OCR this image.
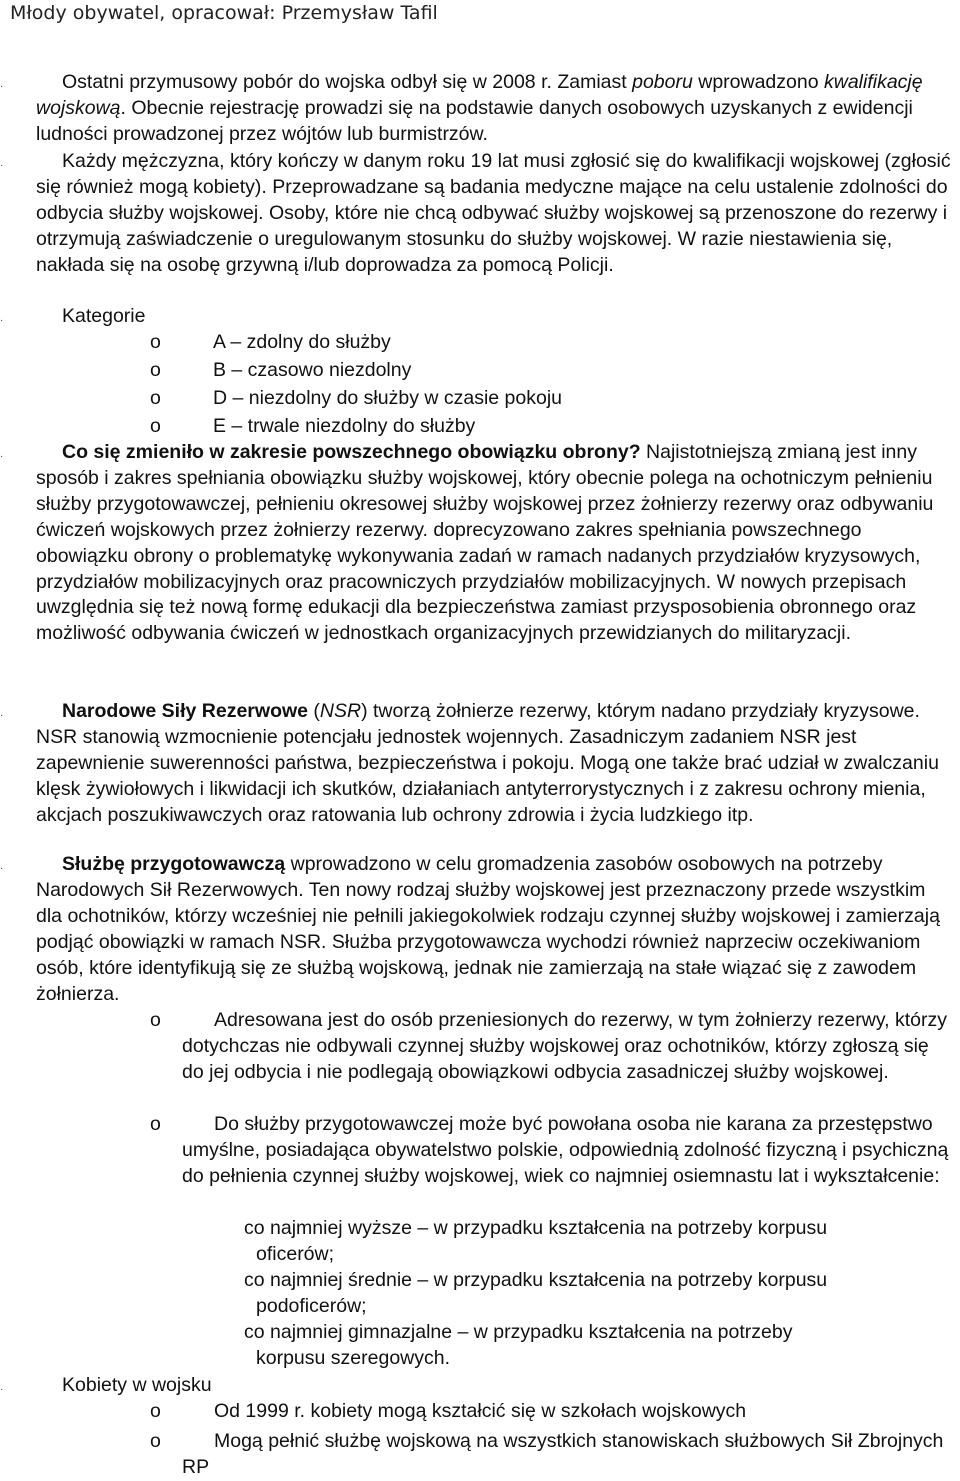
Młody obywatel, opracował: Przemysław Tafil
·	Ostatni przymusowy pobór do wojska odbył się w 2008 r. Zamiast poboru wprowadzono kwalifikację wojskową. Obecnie rejestrację prowadzi się na podstawie danych osobowych uzyskanych z ewidencji ludności prowadzonej przez wójtów lub burmistrzów.

·	Każdy mężczyzna, który kończy w danym roku 19 lat musi zgłosić się do kwalifikacji wojskowej (zgłosić się również mogą kobiety). Przeprowadzane są badania medyczne mające na celu ustalenie zdolności do odbycia służby wojskowej. Osoby, które nie chcą odbywać służby wojskowej są przenoszone do rezerwy i otrzymują zaświadczenie o uregulowanym stosunku do służby wojskowej. W razie niestawienia się, nakłada się na osobę grzywną i/lub doprowadza za pomocą Policji.

·	Kategorie

o	A – zdolny do służby
o	B – czasowo niezdolny
o	D – niezdolny do służby w czasie pokoju
o	E – trwale niezdolny do służby
·	Co się zmieniło w zakresie powszechnego obowiązku obrony? Najistotniejszą zmianą jest inny sposób i zakres spełniania obowiązku służby wojskowej, który obecnie polega na ochotniczym pełnieniu służby przygotowawczej, pełnieniu okresowej służby wojskowej przez żołnierzy rezerwy oraz odbywaniu ćwiczeń wojskowych przez żołnierzy rezerwy. doprecyzowano zakres spełniania powszechnego obowiązku obrony o problematykę wykonywania zadań w ramach nadanych przydziałów kryzysowych, przydziałów mobilizacyjnych oraz pracowniczych przydziałów mobilizacyjnych. W nowych przepisach uwzględnia się też nową formę edukacji dla bezpieczeństwa zamiast przysposobienia obronnego oraz możliwość odbywania ćwiczeń w jednostkach organizacyjnych przewidzianych do militaryzacji.

·	Narodowe Siły Rezerwowe (NSR) tworzą żołnierze rezerwy, którym nadano przydziały kryzysowe. NSR stanowią wzmocnienie potencjału jednostek wojennych. Zasadniczym zadaniem NSR jest zapewnienie suwerenności państwa, bezpieczeństwa i pokoju. Mogą one także brać udział w zwalczaniu klęsk żywiołowych i likwidacji ich skutków, działaniach antyterrorystycznych i z zakresu ochrony mienia, akcjach poszukiwawczych oraz ratowania lub ochrony zdrowia i życia ludzkiego itp.

·	Służbę przygotowawczą wprowadzono w celu gromadzenia zasobów osobowych na potrzeby Narodowych Sił Rezerwowych. Ten nowy rodzaj służby wojskowej jest przeznaczony przede wszystkim dla ochotników, którzy wcześniej nie pełnili jakiegokolwiek rodzaju czynnej służby wojskowej i zamierzają podjąć obowiązki w ramach NSR. Służba przygotowawcza wychodzi również naprzeciw oczekiwaniom osób, które identyfikują się ze służbą wojskową, jednak nie zamierzają na stałe wiązać się z zawodem żołnierza.

o	Adresowana jest do osób przeniesionych do rezerwy, w tym żołnierzy rezerwy, którzy dotychczas nie odbywali czynnej służby wojskowej oraz ochotników, którzy zgłoszą się do jej odbycia i nie podlegają obowiązkowi odbycia zasadniczej służby wojskowej.
o	Do służby przygotowawczej może być powołana osoba nie karana za przestępstwo umyślne, posiadająca obywatelstwo polskie, odpowiednią zdolność fizyczną i psychiczną do pełnienia czynnej służby wojskowej, wiek co najmniej osiemnastu lat i wykształcenie:
co najmniej wyższe – w przypadku kształcenia na potrzeby korpusu
oficerów;
co najmniej średnie – w przypadku kształcenia na potrzeby korpusu
podoficerów;
co najmniej gimnazjalne – w przypadku kształcenia na potrzeby
korpusu szeregowych.
·	Kobiety w wojsku

o	Od 1999 r. kobiety mogą kształcić się w szkołach wojskowych
o	Mogą pełnić służbę wojskową na wszystkich stanowiskach służbowych Sił Zbrojnych RP
